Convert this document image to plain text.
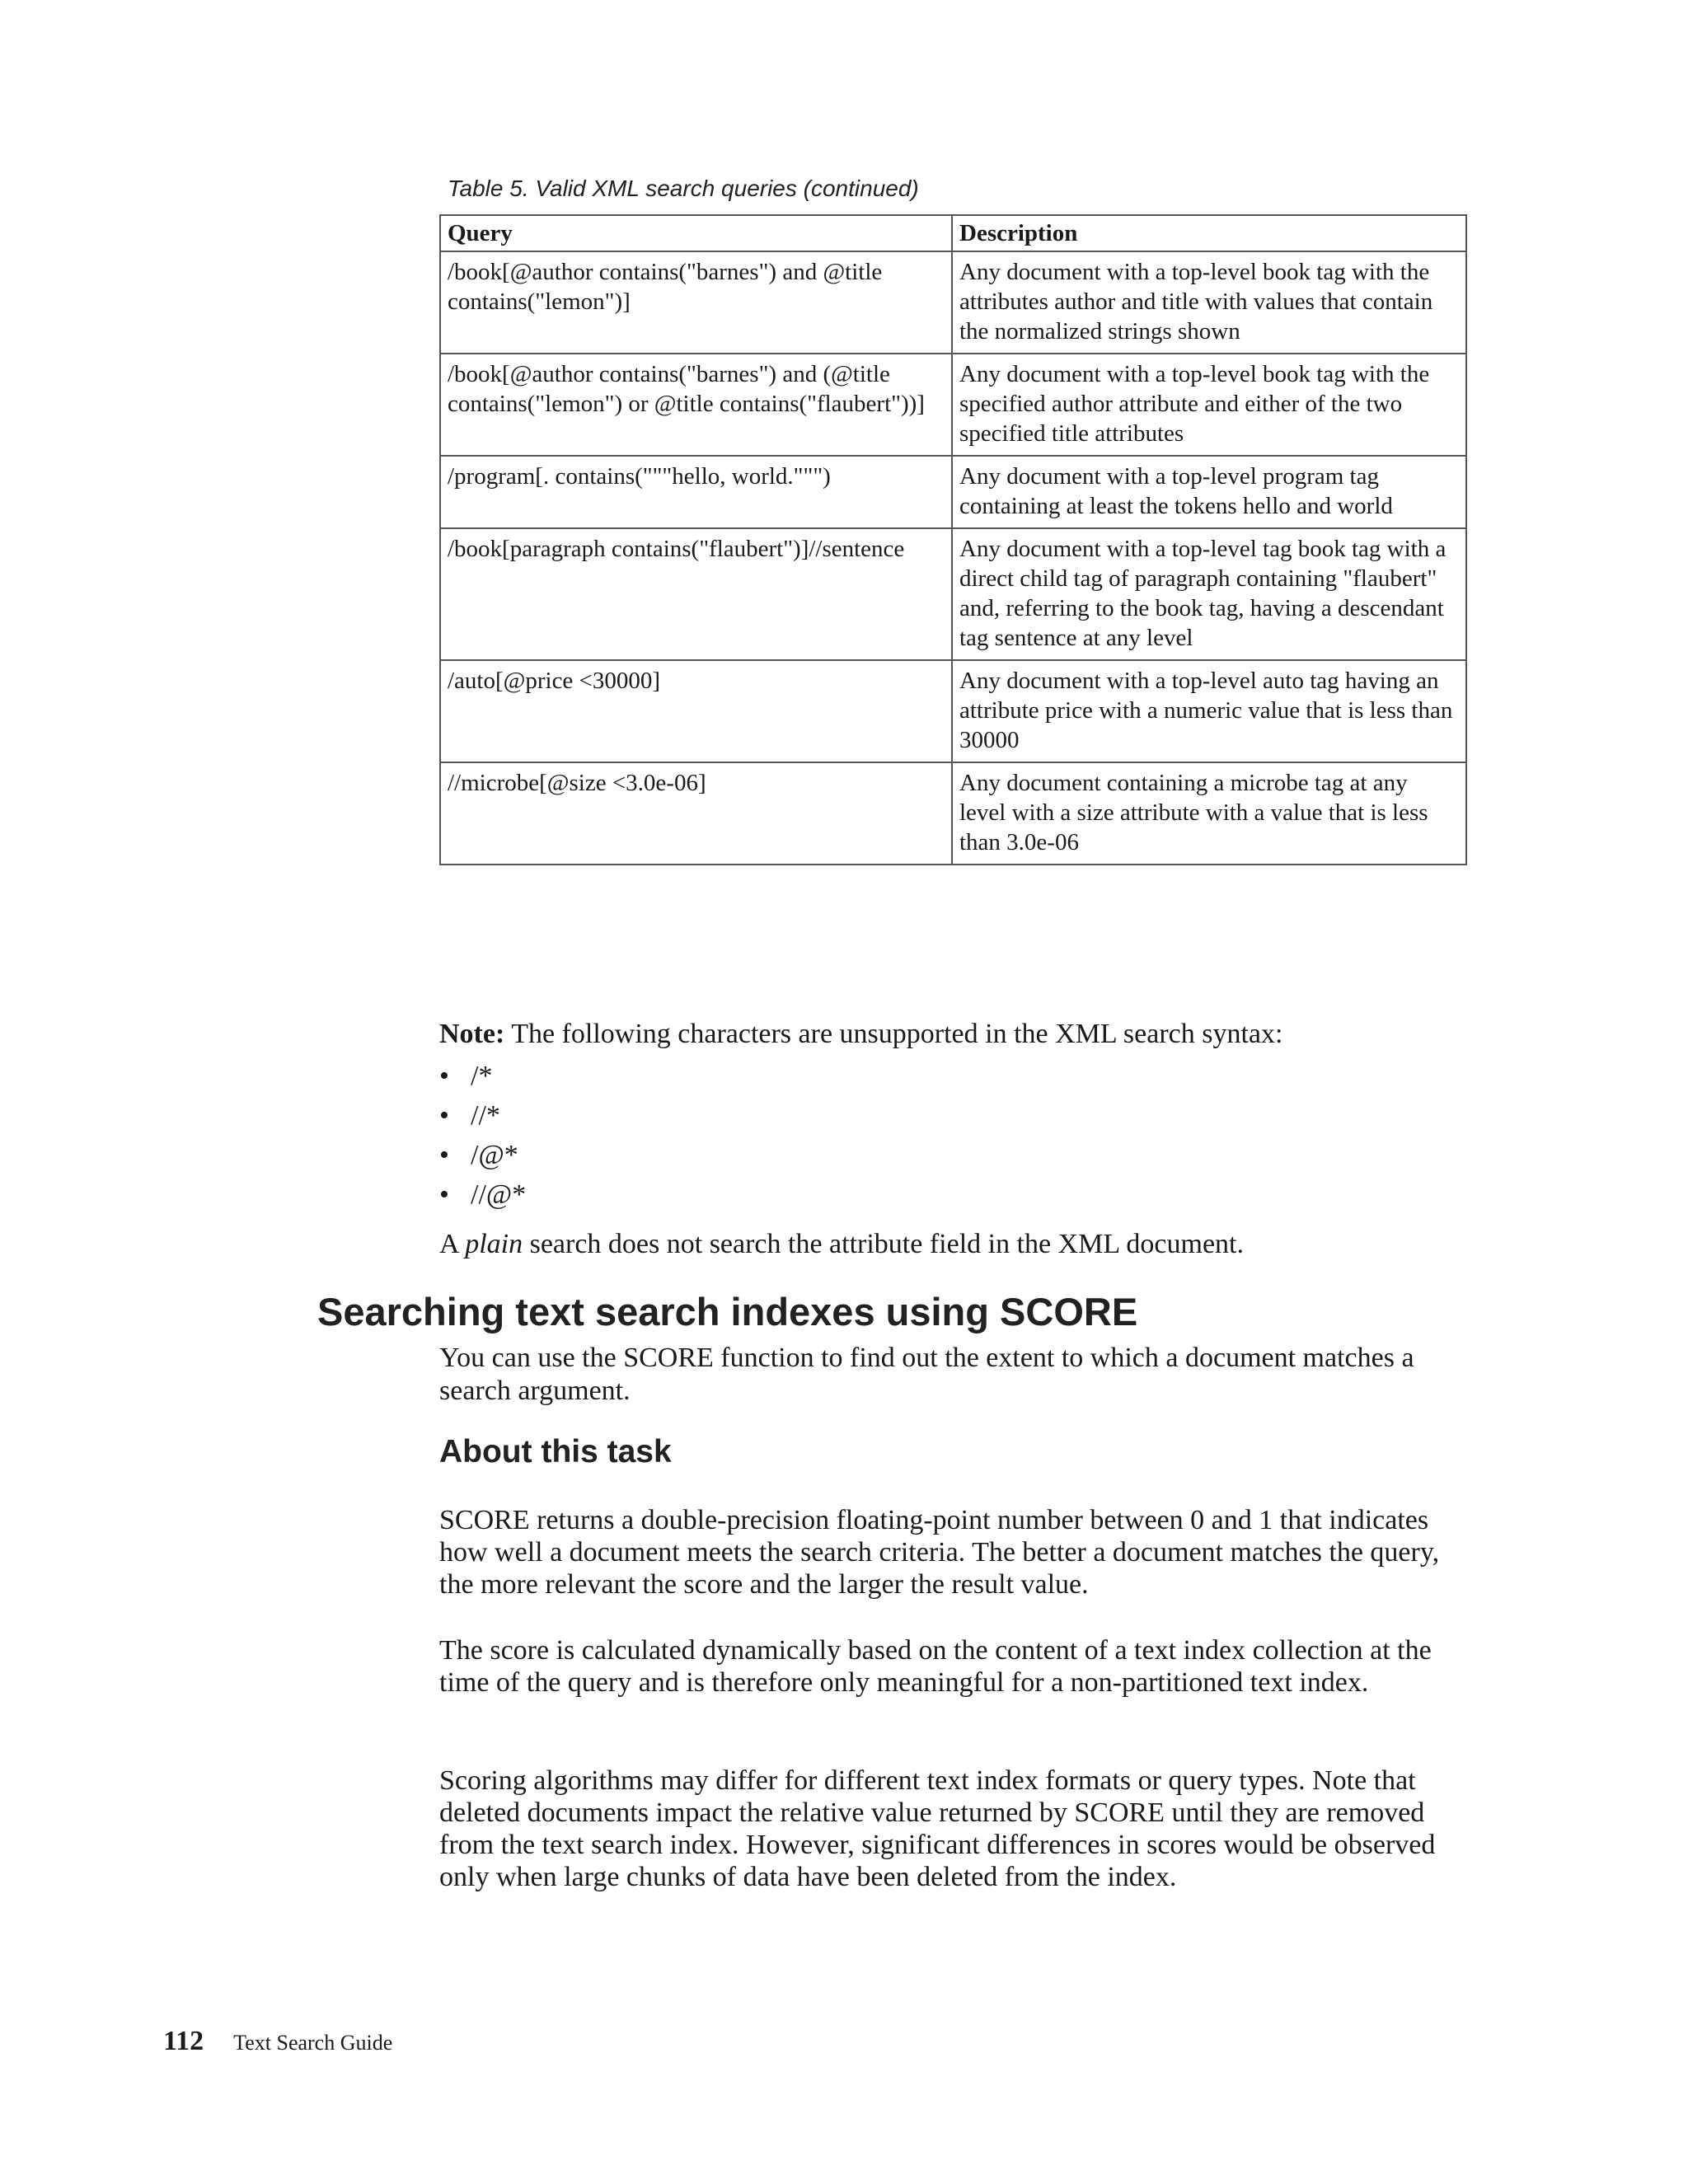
Table 5. Valid XML search queries (continued)
Query	Description
/book[@author contains("barnes") and @title contains("lemon")]	Any document with a top-level book tag with the attributes author and title with values that contain the normalized strings shown
/book[@author contains("barnes") and (@title contains("lemon") or @title contains("flaubert"))]	Any document with a top-level book tag with the specified author attribute and either of the two specified title attributes
/program[. contains("""hello, world.""")	Any document with a top-level program tag containing at least the tokens hello and world
/book[paragraph contains("flaubert")]//sentence	Any document with a top-level tag book tag with a direct child tag of paragraph containing "flaubert" and, referring to the book tag, having a descendant tag sentence at any level
/auto[@price <30000]	Any document with a top-level auto tag having an attribute price with a numeric value that is less than 30000
//microbe[@size <3.0e-06]	Any document containing a microbe tag at any level with a size attribute with a value that is less than 3.0e-06
Note: The following characters are unsupported in the XML search syntax:
• /*
• //*
• /@*
• //@*
A plain search does not search the attribute field in the XML document.
Searching text search indexes using SCORE
You can use the SCORE function to find out the extent to which a document matches a search argument.
About this task

SCORE returns a double-precision floating-point number between 0 and 1 that indicates how well a document meets the search criteria. The better a document matches the query, the more relevant the score and the larger the result value.

The score is calculated dynamically based on the content of a text index collection at the time of the query and is therefore only meaningful for a non-partitioned text index.

Scoring algorithms may differ for different text index formats or query types. Note that deleted documents impact the relative value returned by SCORE until they are removed from the text search index. However, significant differences in scores would be observed only when large chunks of data have been deleted from the index.

112 Text Search Guide
